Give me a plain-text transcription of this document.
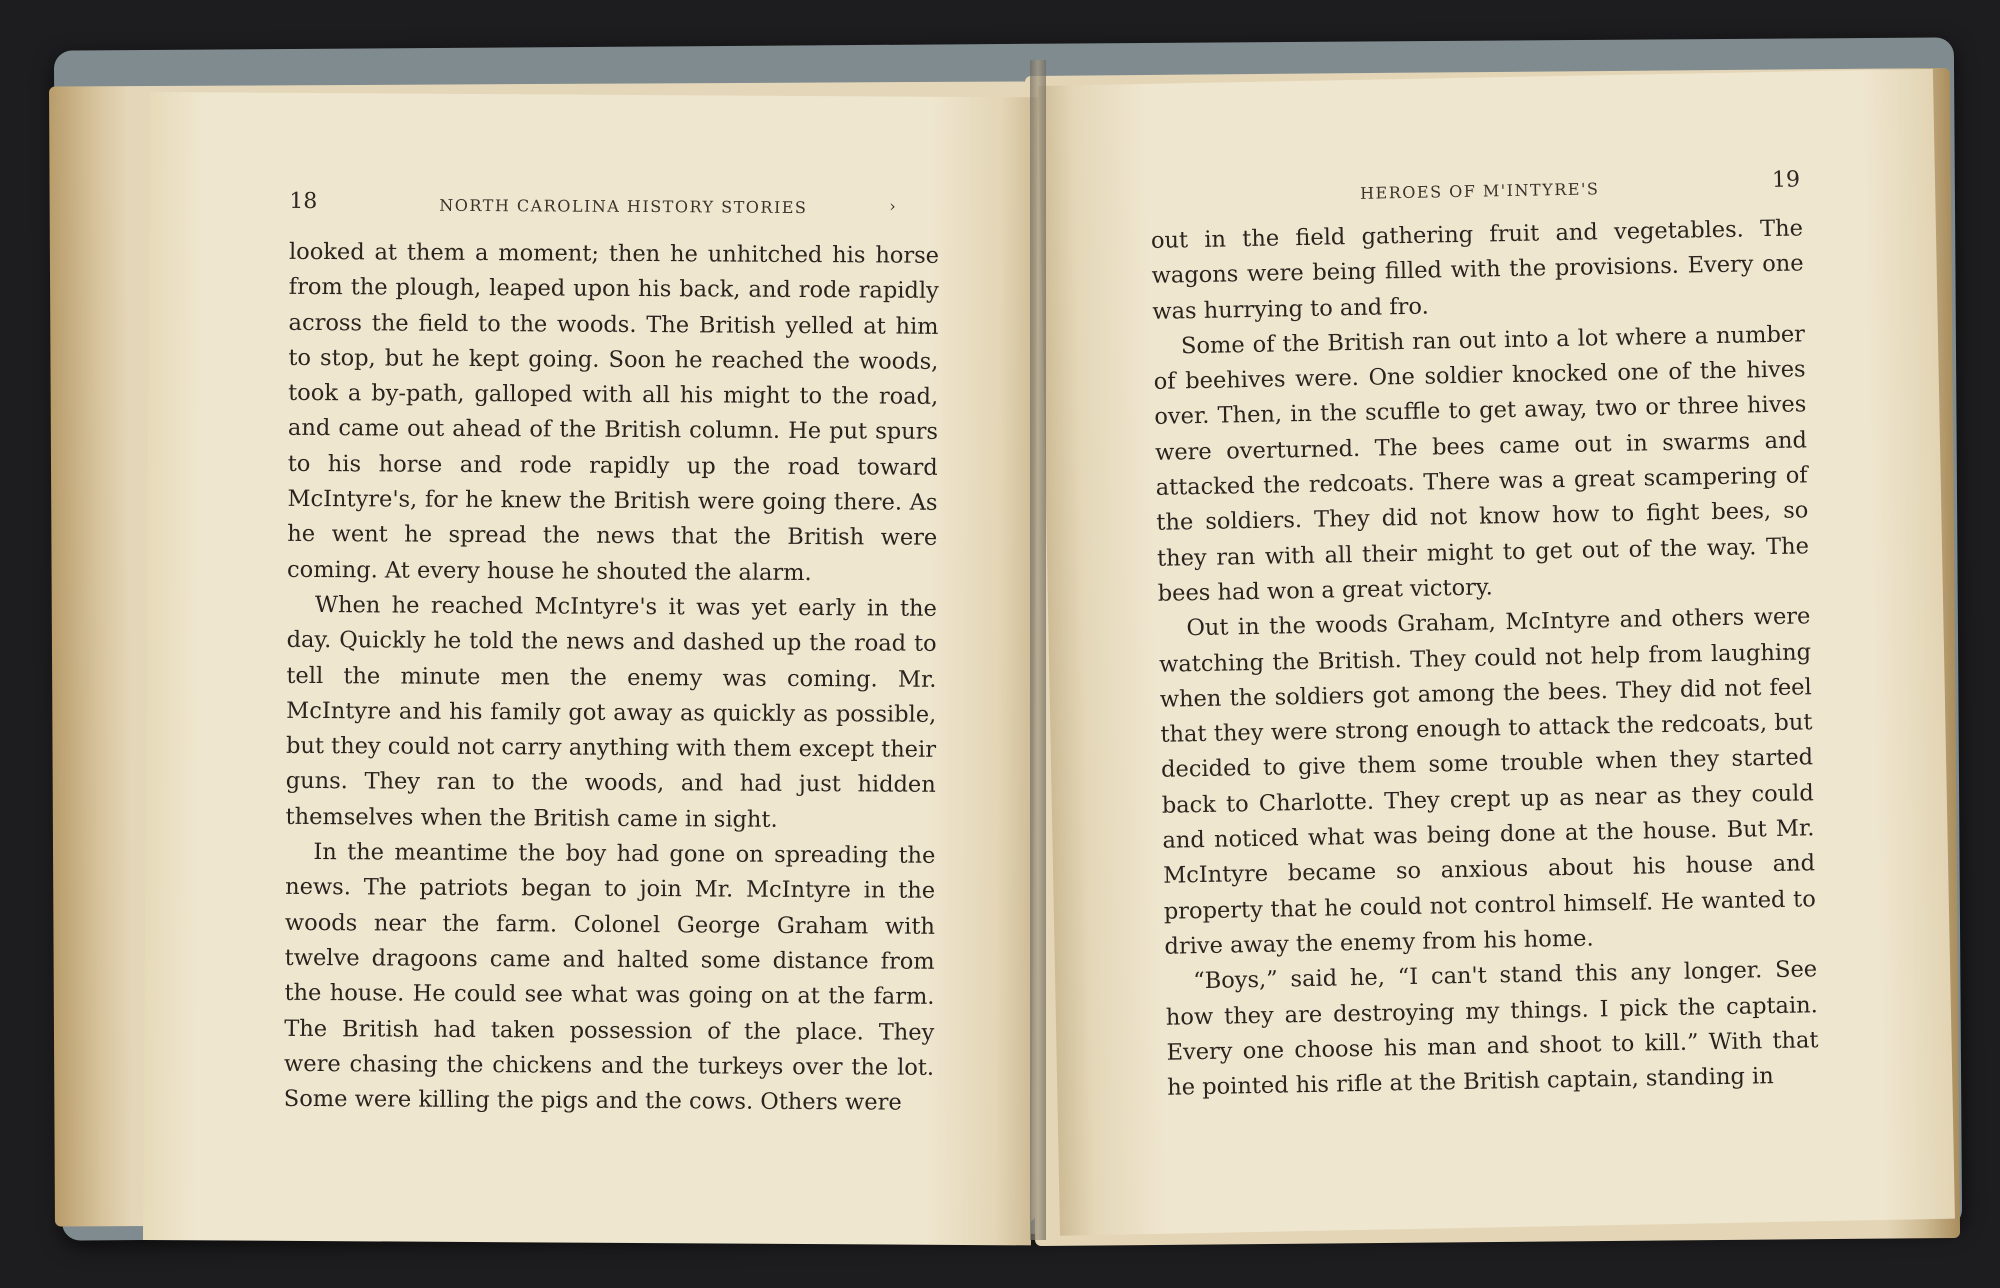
18	NORTH CAROLINA HISTORY STORIES	›

looked at them a moment; then he unhitched his horse from the plough, leaped upon his back, and rode rapidly across the field to the woods. The British yelled at him to stop, but he kept going. Soon he reached the woods, took a by-path, galloped with all his might to the road, and came out ahead of the British column. He put spurs to his horse and rode rapidly up the road toward McIntyre's, for he knew the British were going there. As he went he spread the news that the British were coming. At every house he shouted the alarm.

When he reached McIntyre's it was yet early in the day. Quickly he told the news and dashed up the road to tell the minute men the enemy was coming. Mr. McIntyre and his family got away as quickly as possible, but they could not carry anything with them except their guns. They ran to the woods, and had just hidden themselves when the British came in sight.

In the meantime the boy had gone on spreading the news. The patriots began to join Mr. McIntyre in the woods near the farm. Colonel George Graham with twelve dragoons came and halted some distance from the house. He could see what was going on at the farm. The British had taken possession of the place. They were chasing the chickens and the turkeys over the lot. Some were killing the pigs and the cows. Others were

HEROES OF M'INTYRE'S	19

out in the field gathering fruit and vegetables. The wagons were being filled with the provisions. Every one was hurrying to and fro.

Some of the British ran out into a lot where a number of beehives were. One soldier knocked one of the hives over. Then, in the scuffle to get away, two or three hives were overturned. The bees came out in swarms and attacked the redcoats. There was a great scampering of the soldiers. They did not know how to fight bees, so they ran with all their might to get out of the way. The bees had won a great victory.

Out in the woods Graham, McIntyre and others were watching the British. They could not help from laughing when the soldiers got among the bees. They did not feel that they were strong enough to attack the redcoats, but decided to give them some trouble when they started back to Charlotte. They crept up as near as they could and noticed what was being done at the house. But Mr. McIntyre became so anxious about his house and property that he could not control himself. He wanted to drive away the enemy from his home.

“Boys,” said he, “I can't stand this any longer. See how they are destroying my things. I pick the captain. Every one choose his man and shoot to kill.” With that he pointed his rifle at the British captain, standing in
